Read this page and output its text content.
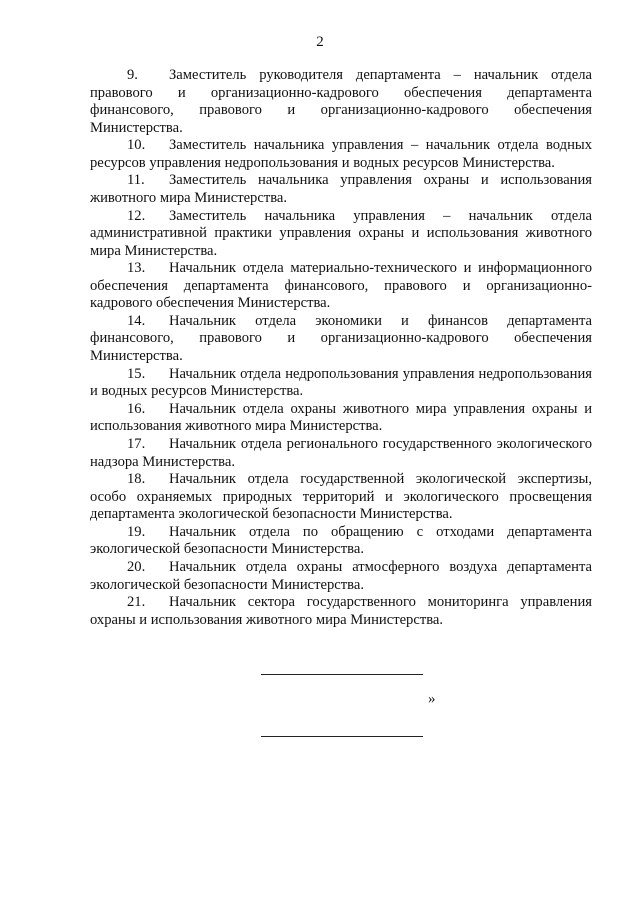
2

9. Заместитель руководителя департамента – начальник отдела правового и организационно-кадрового обеспечения департамента финансового, правового и организационно-кадрового обеспечения Министерства.

10. Заместитель начальника управления – начальник отдела водных ресурсов управления недропользования и водных ресурсов Министерства.

11. Заместитель начальника управления охраны и использования животного мира Министерства.

12. Заместитель начальника управления – начальник отдела административной практики управления охраны и использования животного мира Министерства.

13. Начальник отдела материально-технического и информационного обеспечения департамента финансового, правового и организационно-кадрового обеспечения Министерства.

14. Начальник отдела экономики и финансов департамента финансового, правового и организационно-кадрового обеспечения Министерства.

15. Начальник отдела недропользования управления недропользования и водных ресурсов Министерства.

16. Начальник отдела охраны животного мира управления охраны и использования животного мира Министерства.

17. Начальник отдела регионального государственного экологического надзора Министерства.

18. Начальник отдела государственной экологической экспертизы, особо охраняемых природных территорий и экологического просвещения департамента экологической безопасности Министерства.

19. Начальник отдела по обращению с отходами департамента экологической безопасности Министерства.

20. Начальник отдела охраны атмосферного воздуха департамента экологической безопасности Министерства.

21. Начальник сектора государственного мониторинга управления охраны и использования животного мира Министерства.

»
